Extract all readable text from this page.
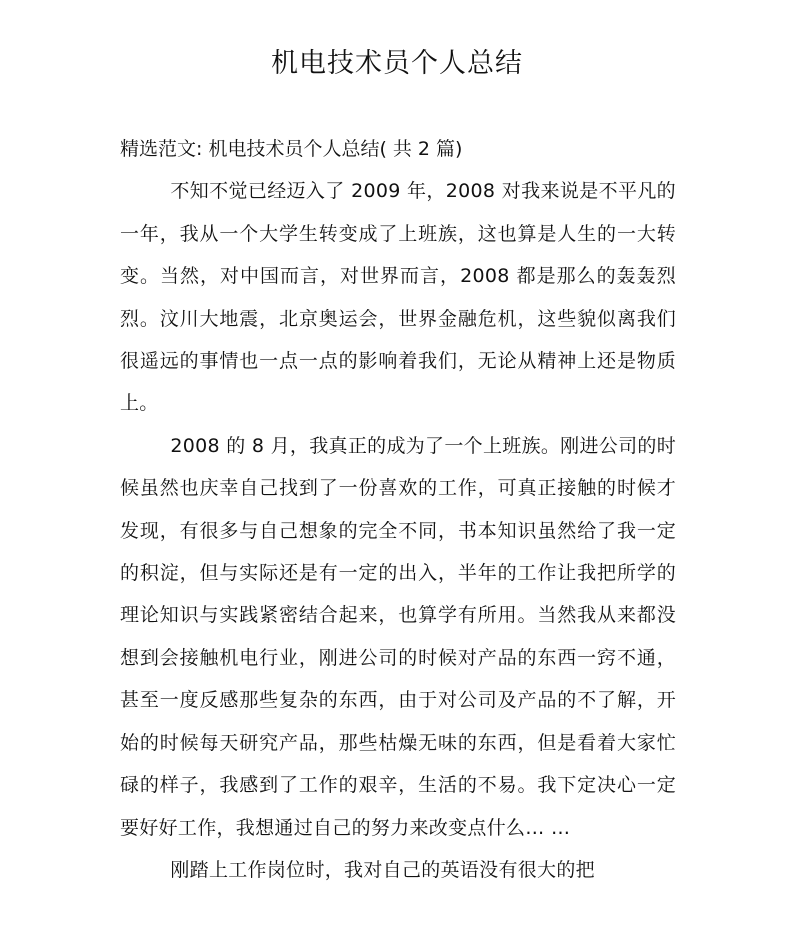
机电技术员个人总结

精选范文: 机电技术员个人总结( 共 2 篇)

不知不觉已经迈入了 2009 年，2008 对我来说是不平凡的一年，我从一个大学生转变成了上班族，这也算是人生的一大转变。当然，对中国而言，对世界而言，2008 都是那么的轰轰烈烈。汶川大地震，北京奥运会，世界金融危机，这些貌似离我们很遥远的事情也一点一点的影响着我们，无论从精神上还是物质上。

2008 的 8 月，我真正的成为了一个上班族。刚进公司的时候虽然也庆幸自己找到了一份喜欢的工作，可真正接触的时候才发现，有很多与自己想象的完全不同，书本知识虽然给了我一定的积淀，但与实际还是有一定的出入，半年的工作让我把所学的理论知识与实践紧密结合起来，也算学有所用。当然我从来都没想到会接触机电行业，刚进公司的时候对产品的东西一窍不通，甚至一度反感那些复杂的东西，由于对公司及产品的不了解，开始的时候每天研究产品，那些枯燥无味的东西，但是看着大家忙碌的样子，我感到了工作的艰辛，生活的不易。我下定决心一定要好好工作，我想通过自己的努力来改变点什么… …

刚踏上工作岗位时，我对自己的英语没有很大的把
